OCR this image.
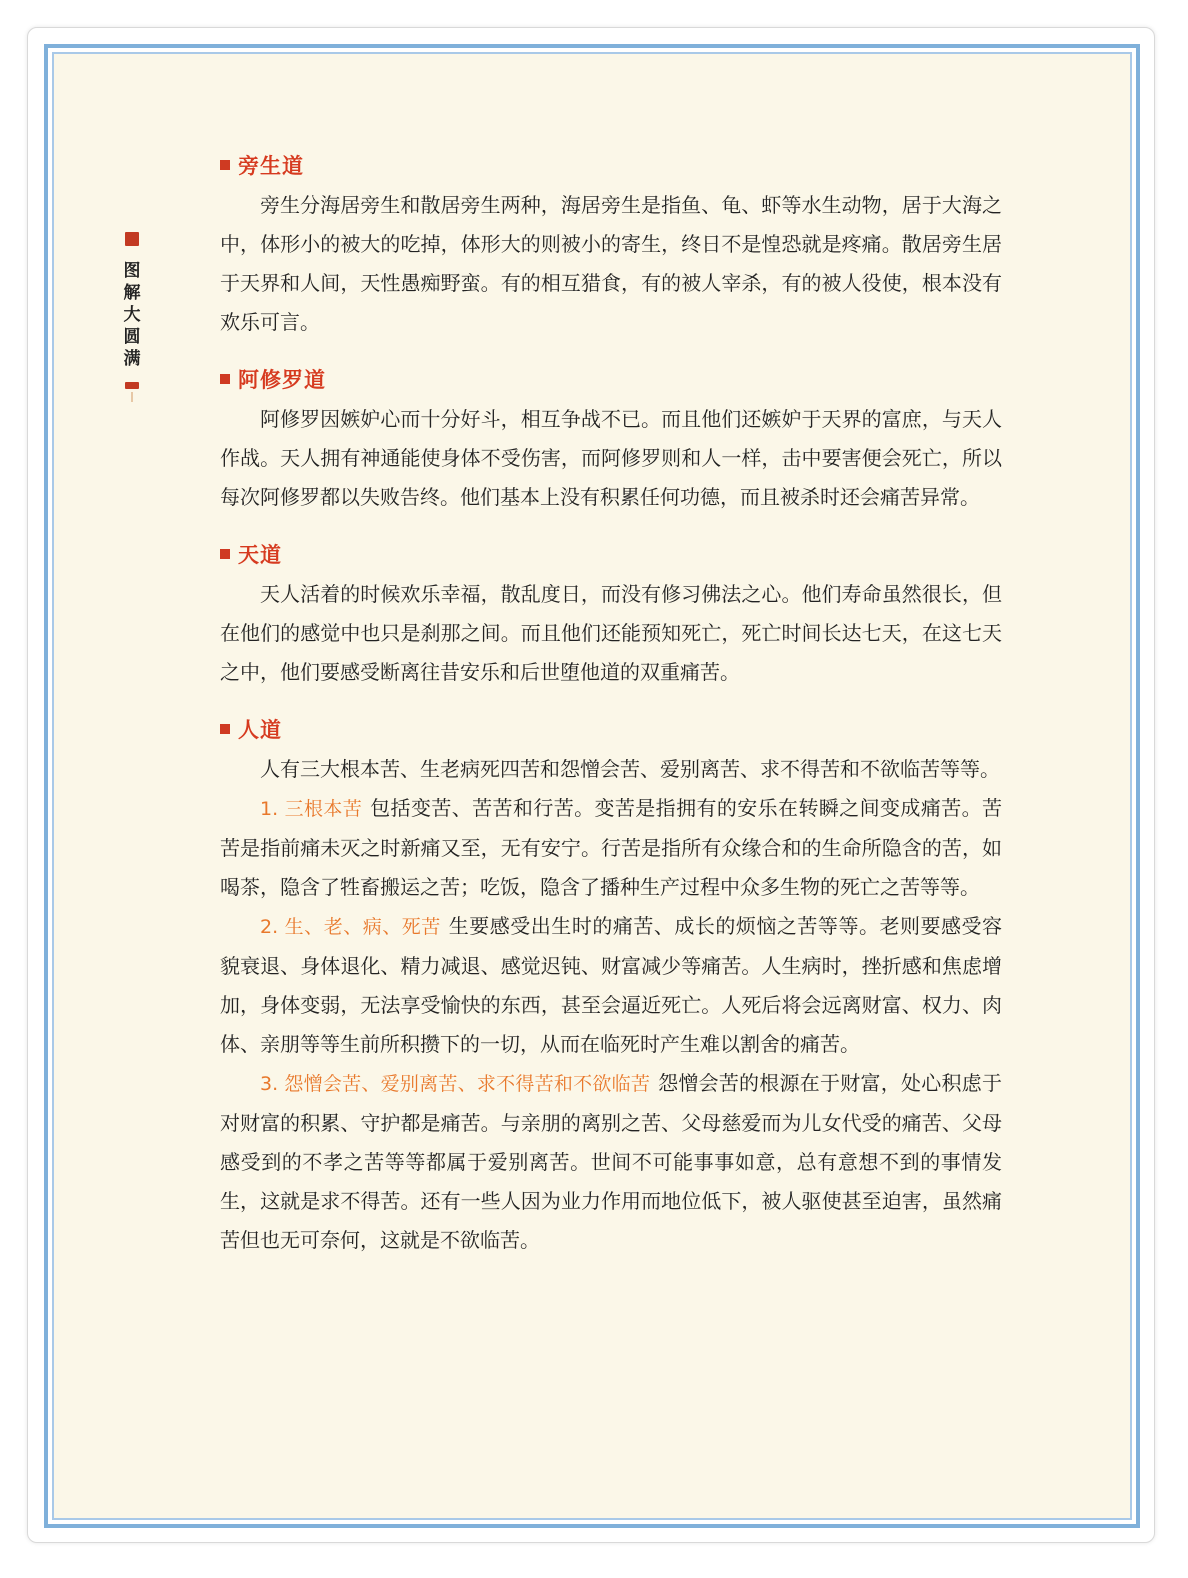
图解大圆满
旁生道

旁生分海居旁生和散居旁生两种，海居旁生是指鱼、龟、虾等水生动物，居于大海之中，体形小的被大的吃掉，体形大的则被小的寄生，终日不是惶恐就是疼痛。散居旁生居于天界和人间，天性愚痴野蛮。有的相互猎食，有的被人宰杀，有的被人役使，根本没有欢乐可言。

阿修罗道

阿修罗因嫉妒心而十分好斗，相互争战不已。而且他们还嫉妒于天界的富庶，与天人作战。天人拥有神通能使身体不受伤害，而阿修罗则和人一样，击中要害便会死亡，所以每次阿修罗都以失败告终。他们基本上没有积累任何功德，而且被杀时还会痛苦异常。

天道

天人活着的时候欢乐幸福，散乱度日，而没有修习佛法之心。他们寿命虽然很长，但在他们的感觉中也只是刹那之间。而且他们还能预知死亡，死亡时间长达七天，在这七天之中，他们要感受断离往昔安乐和后世堕他道的双重痛苦。

人道

人有三大根本苦、生老病死四苦和怨憎会苦、爱别离苦、求不得苦和不欲临苦等等。

1. 三根本苦 包括变苦、苦苦和行苦。变苦是指拥有的安乐在转瞬之间变成痛苦。苦苦是指前痛未灭之时新痛又至，无有安宁。行苦是指所有众缘合和的生命所隐含的苦，如喝茶，隐含了牲畜搬运之苦；吃饭，隐含了播种生产过程中众多生物的死亡之苦等等。

2. 生、老、病、死苦 生要感受出生时的痛苦、成长的烦恼之苦等等。老则要感受容貌衰退、身体退化、精力减退、感觉迟钝、财富减少等痛苦。人生病时，挫折感和焦虑增加，身体变弱，无法享受愉快的东西，甚至会逼近死亡。人死后将会远离财富、权力、肉体、亲朋等等生前所积攒下的一切，从而在临死时产生难以割舍的痛苦。

3. 怨憎会苦、爱别离苦、求不得苦和不欲临苦 怨憎会苦的根源在于财富，处心积虑于对财富的积累、守护都是痛苦。与亲朋的离别之苦、父母慈爱而为儿女代受的痛苦、父母感受到的不孝之苦等等都属于爱别离苦。世间不可能事事如意，总有意想不到的事情发生，这就是求不得苦。还有一些人因为业力作用而地位低下，被人驱使甚至迫害，虽然痛苦但也无可奈何，这就是不欲临苦。
